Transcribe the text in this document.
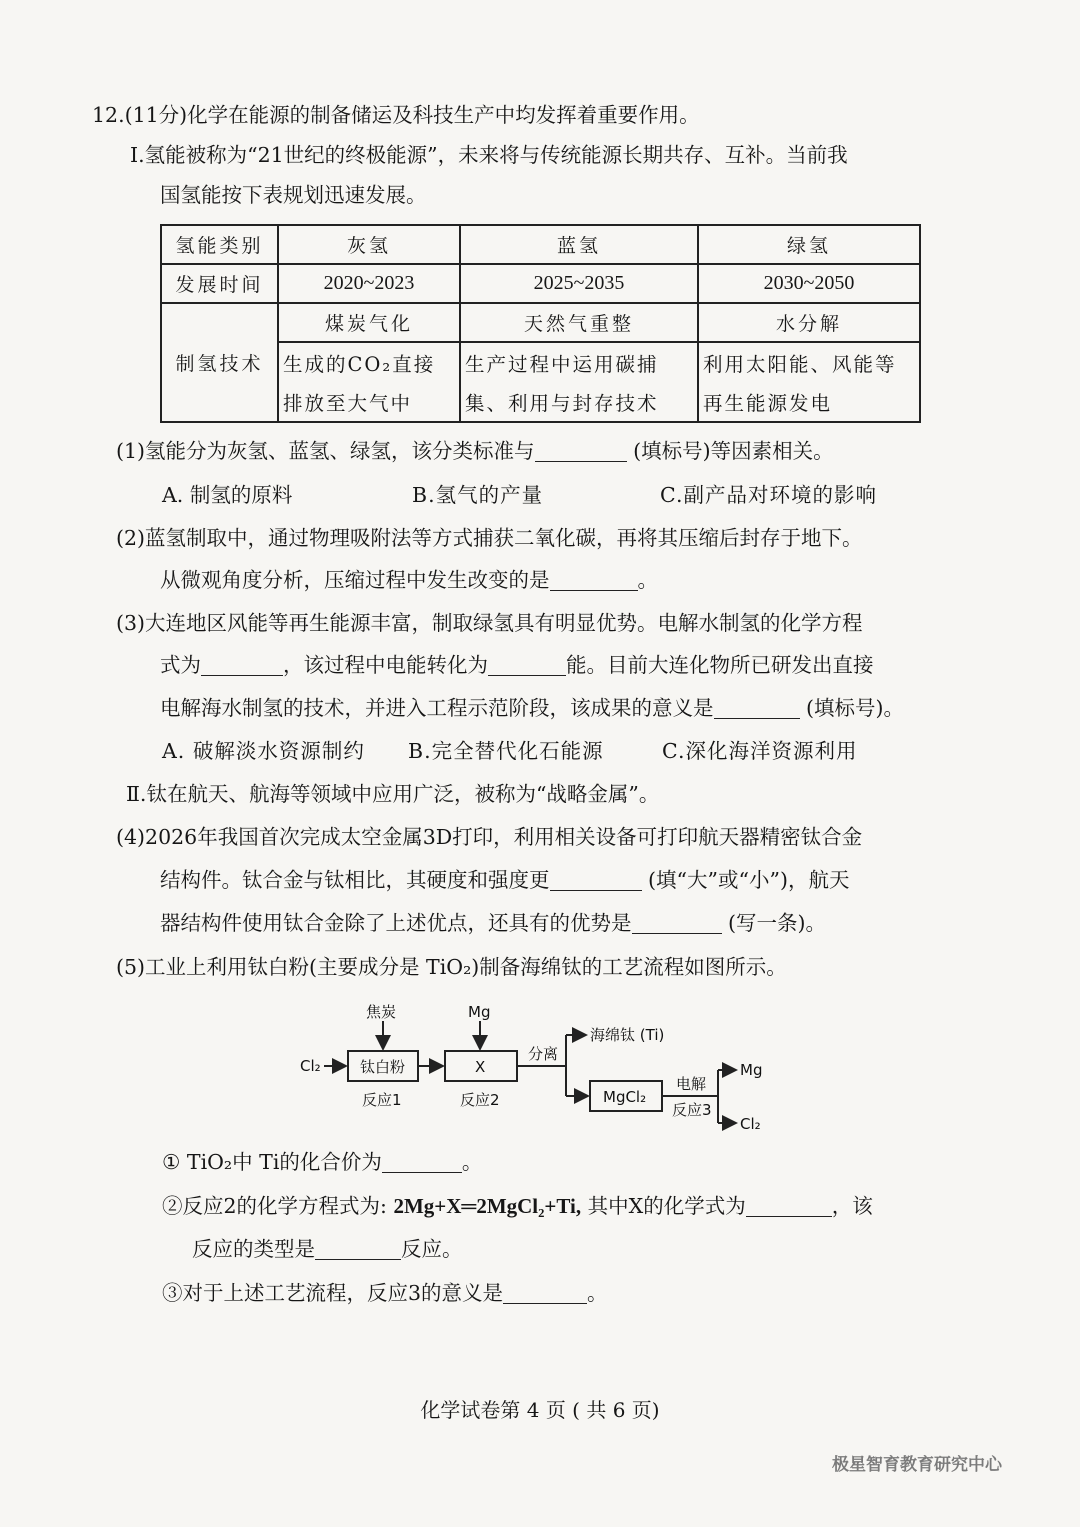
12.(11分)化学在能源的制备储运及科技生产中均发挥着重要作用。
Ⅰ.氢能被称为“21世纪的终极能源”，未来将与传统能源长期共存、互补。当前我
国氢能按下表规划迅速发展。
氢能类别	灰氢	蓝氢	绿氢
发展时间	2020~2023	2025~2035	2030~2050
制氢技术	煤炭气化	天然气重整	水分解
	生成的CO₂直接	生产过程中运用碳捕	利用太阳能、风能等
	排放至大气中	集、利用与封存技术	再生能源发电
(1)氢能分为灰氢、蓝氢、绿氢，该分类标准与	(填标号)等因素相关。
A. 制氢的原料	B.氢气的产量	C.副产品对环境的影响
(2)蓝氢制取中，通过物理吸附法等方式捕获二氧化碳，再将其压缩后封存于地下。
从微观角度分析，压缩过程中发生改变的是	。
(3)大连地区风能等再生能源丰富，制取绿氢具有明显优势。电解水制氢的化学方程
式为	，该过程中电能转化为	能。目前大连化物所已研发出直接
电解海水制氢的技术，并进入工程示范阶段，该成果的意义是	(填标号)。
A. 破解淡水资源制约 B.完全替代化石能源	C.深化海洋资源利用
Ⅱ.钛在航天、航海等领域中应用广泛，被称为“战略金属”。
(4)2026年我国首次完成太空金属3D打印，利用相关设备可打印航天器精密钛合金
结构件。钛合金与钛相比，其硬度和强度更	(填“大”或“小”)，航天
器结构件使用钛合金除了上述优点，还具有的优势是	(写一条)。
(5)工业上利用钛白粉(主要成分是 TiO₂)制备海绵钛的工艺流程如图所示。
Cl₂
焦炭	Mg
钛白粉	X
分离
海绵钛 (Ti)
MgCl₂
电解
Mg
Cl₂
反应1	反应2
反应3
① TiO₂中 Ti的化合价为	。
②反应2的化学方程式为: 2Mg+X═2MgCl₂+Ti, 其中X的化学式为	，该
反应的类型是	反应。
③对于上述工艺流程，反应3的意义是	。
化学试卷第 4 页 ( 共 6 页)
极星智育教育研究中心
